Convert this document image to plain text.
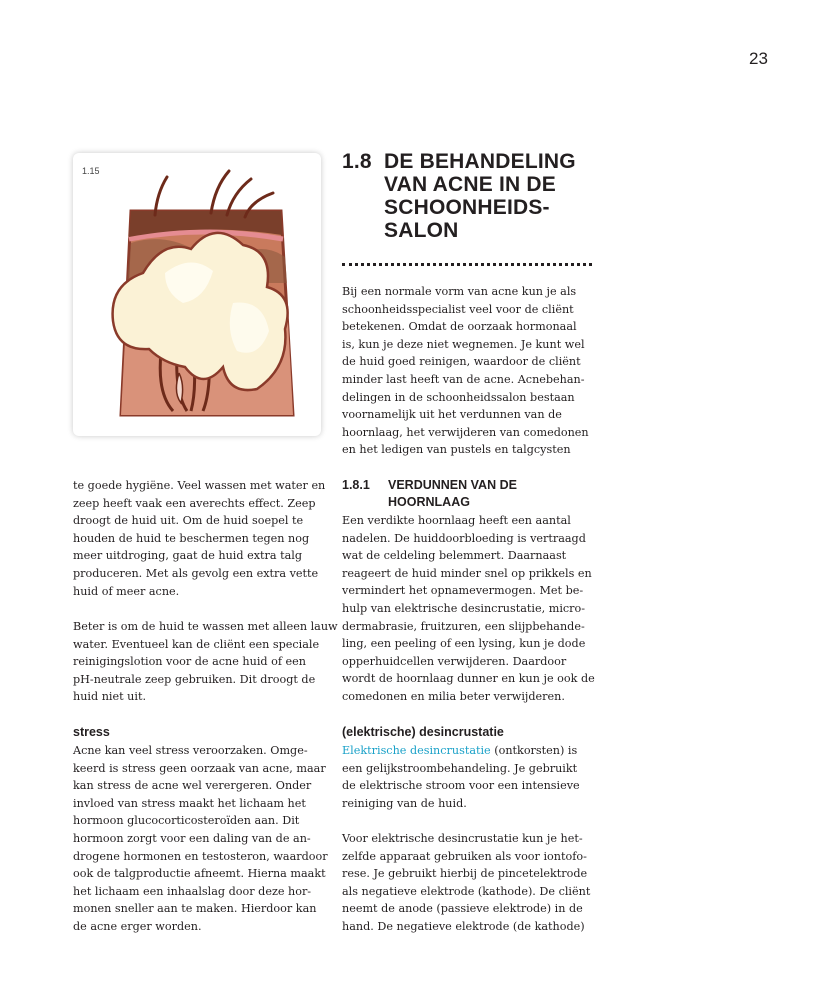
23
1.15	1.8 DE BEHANDELING
VAN ACNE IN DE
SCHOONHEIDS-
SALON
Bij een normale vorm van acne kun je als
schoonheidsspecialist veel voor de cliënt
betekenen. Omdat de oorzaak hormonaal
is, kun je deze niet wegnemen. Je kunt wel
de huid goed reinigen, waardoor de cliënt
minder last heeft van de acne. Acnebehan-
delingen in de schoonheidssalon bestaan
voornamelijk uit het verdunnen van de
hoornlaag, het verwijderen van comedonen
en het ledigen van pustels en talgcysten
1.8.1 VERDUNNEN VAN DE
HOORNLAAG
Een verdikte hoornlaag heeft een aantal
nadelen. De huiddoorbloeding is vertraagd
wat de celdeling belemmert. Daarnaast
reageert de huid minder snel op prikkels en
vermindert het opnamevermogen. Met be-
hulp van elektrische desincrustatie, micro-
dermabrasie, fruitzuren, een slijpbehande-
ling, een peeling of een lysing, kun je dode
opperhuidcellen verwijderen. Daardoor
wordt de hoornlaag dunner en kun je ook de
comedonen en milia beter verwijderen.
(elektrische) desincrustatie
Elektrische desincrustatie (ontkorsten) is
een gelijkstroombehandeling. Je gebruikt
de elektrische stroom voor een intensieve
reiniging van de huid.
Voor elektrische desincrustatie kun je het-
zelfde apparaat gebruiken als voor iontofo-
rese. Je gebruikt hierbij de pincetelektrode
als negatieve elektrode (kathode). De cliënt
neemt de anode (passieve elektrode) in de
hand. De negatieve elektrode (de kathode)
te goede hygiëne. Veel wassen met water en
zeep heeft vaak een averechts effect. Zeep
droogt de huid uit. Om de huid soepel te
houden de huid te beschermen tegen nog
meer uitdroging, gaat de huid extra talg
produceren. Met als gevolg een extra vette
huid of meer acne.
Beter is om de huid te wassen met alleen lauw
water. Eventueel kan de cliënt een speciale
reinigingslotion voor de acne huid of een
pH-neutrale zeep gebruiken. Dit droogt de
huid niet uit.
stress
Acne kan veel stress veroorzaken. Omge-
keerd is stress geen oorzaak van acne, maar
kan stress de acne wel verergeren. Onder
invloed van stress maakt het lichaam het
hormoon glucocorticosteroïden aan. Dit
hormoon zorgt voor een daling van de an-
drogene hormonen en testosteron, waardoor
ook de talgproductie afneemt. Hierna maakt
het lichaam een inhaalslag door deze hor-
monen sneller aan te maken. Hierdoor kan
de acne erger worden.
